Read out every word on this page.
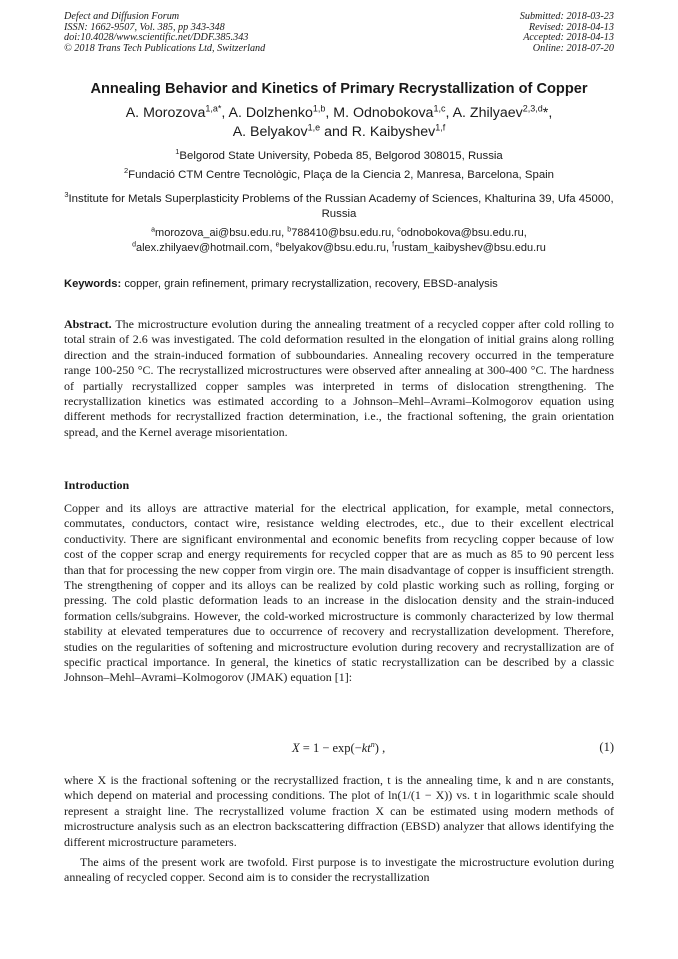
Defect and Diffusion Forum
ISSN: 1662-9507, Vol. 385, pp 343-348
doi:10.4028/www.scientific.net/DDF.385.343
© 2018 Trans Tech Publications Ltd, Switzerland
Submitted: 2018-03-23
Revised: 2018-04-13
Accepted: 2018-04-13
Online: 2018-07-20
Annealing Behavior and Kinetics of Primary Recrystallization of Copper
A. Morozova$^{1,a*}$, A. Dolzhenko$^{1,b}$, M. Odnobokova$^{1,c}$, A. Zhilyaev$^{2,3,d}$*,
A. Belyakov$^{1,e}$ and R. Kaibyshev$^{1,f}$
$^1$Belgorod State University, Pobeda 85, Belgorod 308015, Russia
$^2$Fundació CTM Centre Tecnològic, Plaça de la Ciencia 2, Manresa, Barcelona, Spain
$^3$Institute for Metals Superplasticity Problems of the Russian Academy of Sciences, Khalturina 39, Ufa 45000, Russia
$^a$morozova_ai@bsu.edu.ru, $^b$788410@bsu.edu.ru, $^c$odnobokova@bsu.edu.ru,
$^d$alex.zhilyaev@hotmail.com, $^e$belyakov@bsu.edu.ru, $^f$rustam_kaibyshev@bsu.edu.ru
Keywords: copper, grain refinement, primary recrystallization, recovery, EBSD-analysis
Abstract. The microstructure evolution during the annealing treatment of a recycled copper after cold rolling to total strain of 2.6 was investigated. The cold deformation resulted in the elongation of initial grains along rolling direction and the strain-induced formation of subboundaries. Annealing recovery occurred in the temperature range 100-250 °C. The recrystallized microstructures were observed after annealing at 300-400 °C. The hardness of partially recrystallized copper samples was interpreted in terms of dislocation strengthening. The recrystallization kinetics was estimated according to a Johnson–Mehl–Avrami–Kolmogorov equation using different methods for recrystallized fraction determination, i.e., the fractional softening, the grain orientation spread, and the Kernel average misorientation.
Introduction
Copper and its alloys are attractive material for the electrical application, for example, metal connectors, commutates, conductors, contact wire, resistance welding electrodes, etc., due to their excellent electrical conductivity. There are significant environmental and economic benefits from recycling copper because of low cost of the copper scrap and energy requirements for recycled copper that are as much as 85 to 90 percent less than that for processing the new copper from virgin ore. The main disadvantage of copper is insufficient strength. The strengthening of copper and its alloys can be realized by cold plastic working such as rolling, forging or pressing. The cold plastic deformation leads to an increase in the dislocation density and the strain-induced formation cells/subgrains. However, the cold-worked microstructure is commonly characterized by low thermal stability at elevated temperatures due to occurrence of recovery and recrystallization development. Therefore, studies on the regularities of softening and microstructure evolution during recovery and recrystallization are of specific practical importance. In general, the kinetics of static recrystallization can be described by a classic Johnson–Mehl–Avrami–Kolmogorov (JMAK) equation [1]:
$X = 1 - \exp(-kt^n)$ ,	(1)
where X is the fractional softening or the recrystallized fraction, t is the annealing time, k and n are constants, which depend on material and processing conditions. The plot of ln(1/(1 − X)) vs. t in logarithmic scale should represent a straight line. The recrystallized volume fraction X can be estimated using modern methods of microstructure analysis such as an electron backscattering diffraction (EBSD) analyzer that allows identifying the different microstructure parameters.
The aims of the present work are twofold. First purpose is to investigate the microstructure evolution during annealing of recycled copper. Second aim is to consider the recrystallization
